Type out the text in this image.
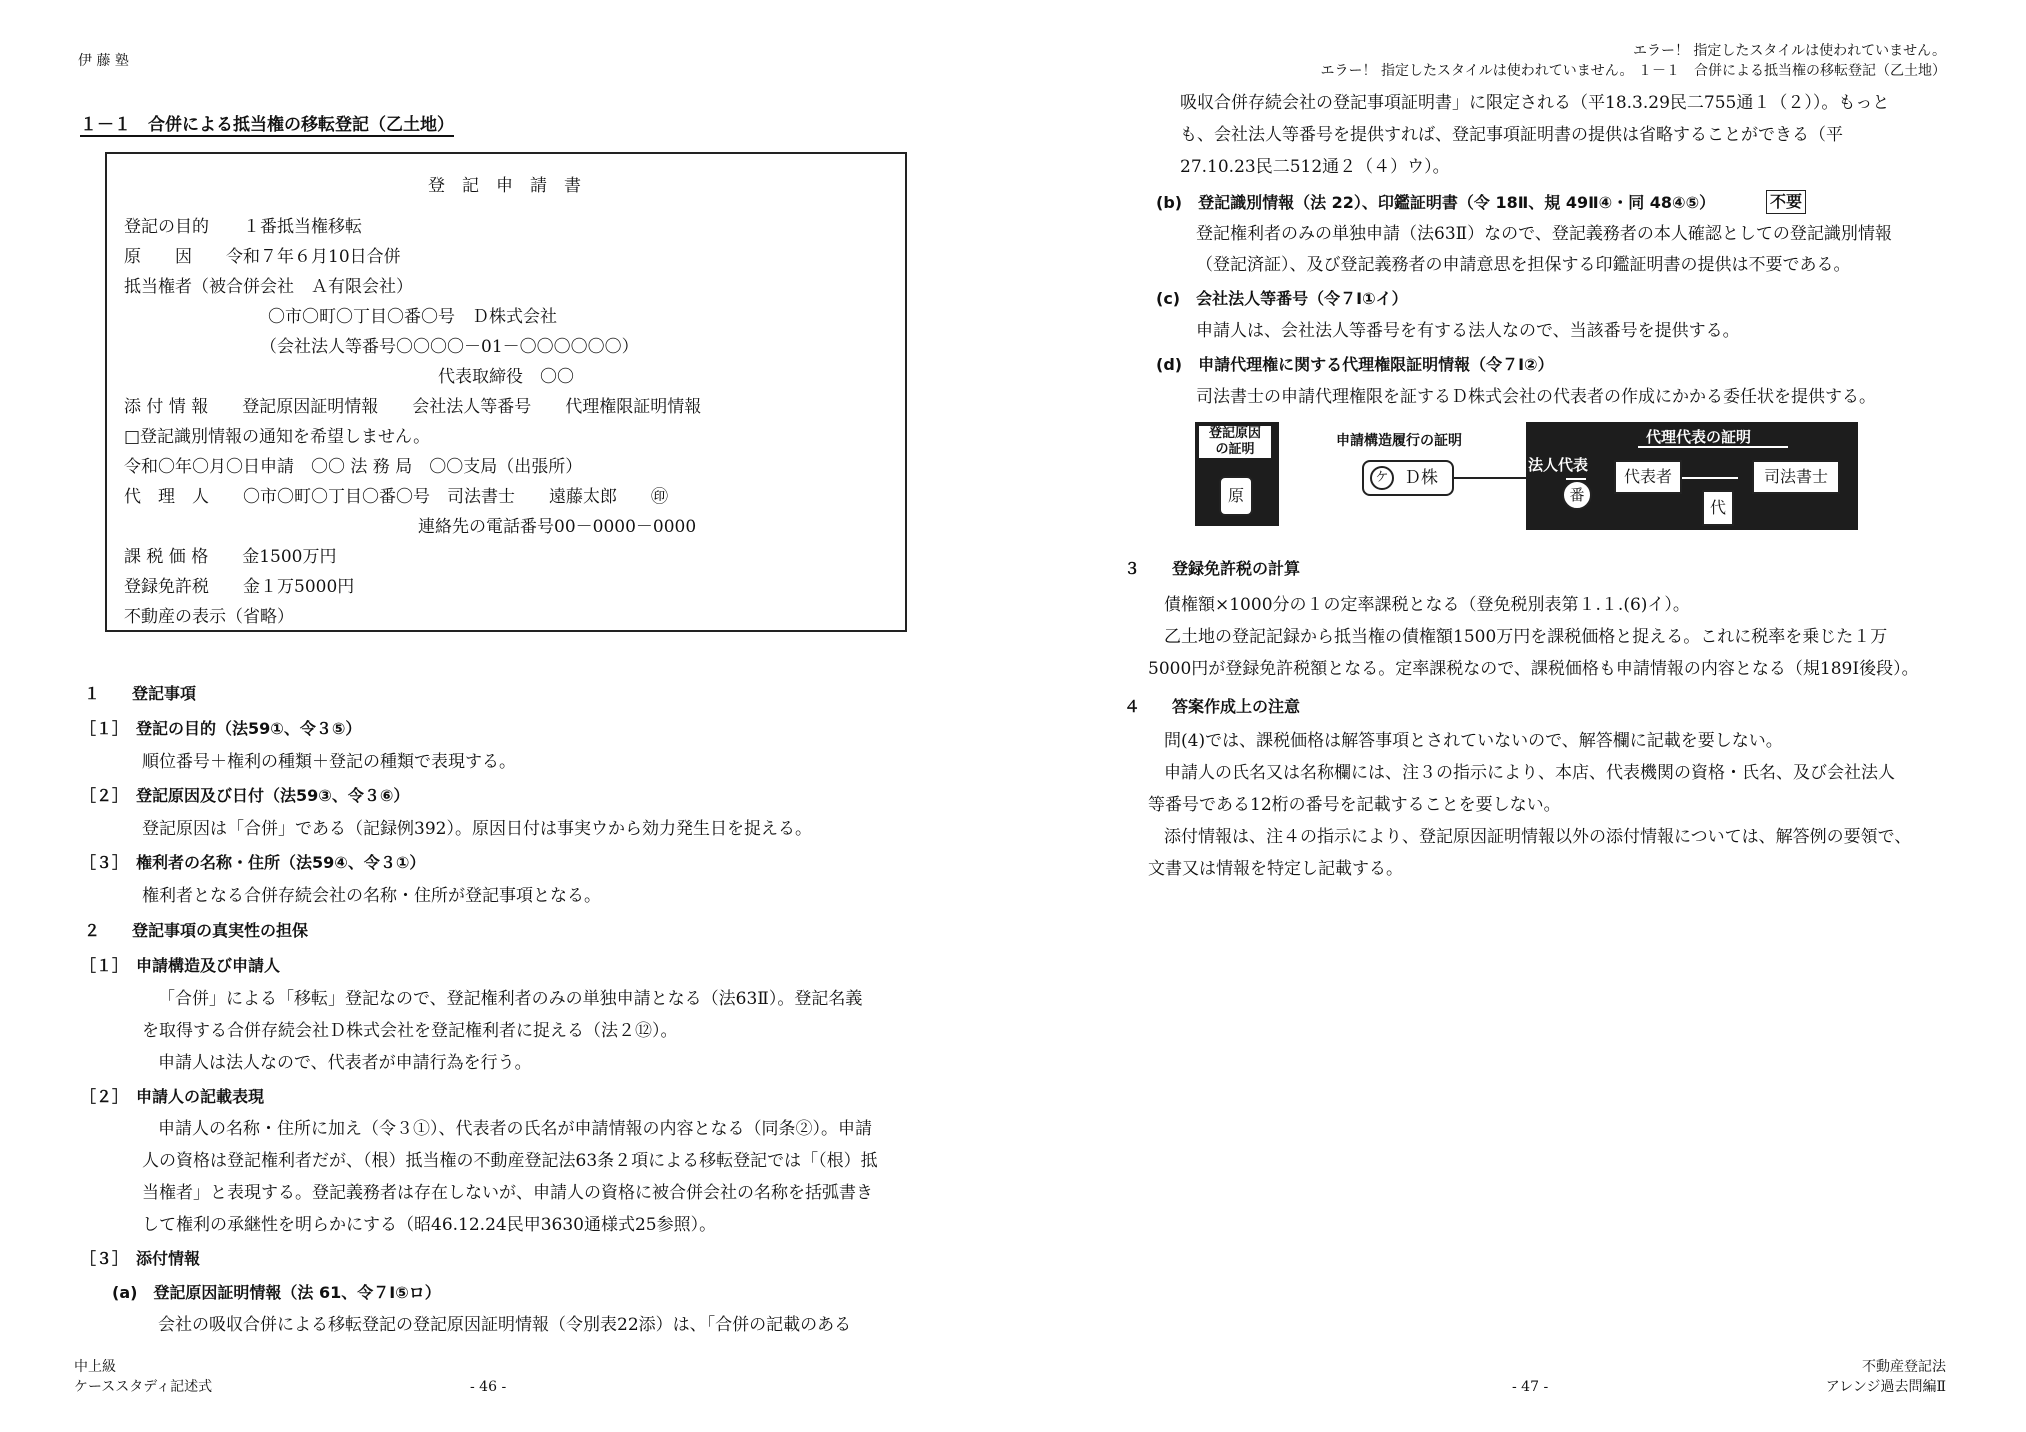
伊 藤 塾
１－１　合併による抵当権の移転登記（乙土地）
登　記　申　請　書
登記の目的　　１番抵当権移転
原　　因　　令和７年６月10日合併
抵当権者（被合併会社　Ａ有限会社）
〇市〇町〇丁目〇番〇号　Ｄ株式会社
（会社法人等番号〇〇〇〇－01－〇〇〇〇〇〇）
代表取締役　〇〇
添 付 情 報　　登記原因証明情報　　会社法人等番号　　代理権限証明情報
□登記識別情報の通知を希望しません。
令和〇年〇月〇日申請　〇〇 法 務 局　〇〇支局（出張所）
代　理　人　　〇市〇町〇丁目〇番〇号　司法書士　　遠藤太郎　　㊞
連絡先の電話番号00－0000－0000
課 税 価 格　　金1500万円
登録免許税　　金１万5000円
不動産の表示（省略）
１　　登記事項
［１］　登記の目的（法59①、令３⑤）
順位番号＋権利の種類＋登記の種類で表現する。
［２］　登記原因及び日付（法59③、令３⑥）
登記原因は「合併」である（記録例392）。原因日付は事実ウから効力発生日を捉える。
［３］　権利者の名称・住所（法59④、令３①）
権利者となる合併存続会社の名称・住所が登記事項となる。
２　　登記事項の真実性の担保
［１］　申請構造及び申請人
「合併」による「移転」登記なので、登記権利者のみの単独申請となる（法63Ⅱ）。登記名義
を取得する合併存続会社Ｄ株式会社を登記権利者に捉える（法２⑫）。
申請人は法人なので、代表者が申請行為を行う。
［２］　申請人の記載表現
申請人の名称・住所に加え（令３①）、代表者の氏名が申請情報の内容となる（同条②）。申請
人の資格は登記権利者だが、（根）抵当権の不動産登記法63条２項による移転登記では「（根）抵
当権者」と表現する。登記義務者は存在しないが、申請人の資格に被合併会社の名称を括弧書き
して権利の承継性を明らかにする（昭46.12.24民甲3630通様式25参照）。
［３］　添付情報
(a)　登記原因証明情報（法 61、令７Ⅰ⑤ロ）
会社の吸収合併による移転登記の登記原因証明情報（令別表22添）は、「合併の記載のある
中上級
ケーススタディ記述式	- 46 -
エラー！ 指定したスタイルは使われていません。
エラー！ 指定したスタイルは使われていません。 １－１　合併による抵当権の移転登記（乙土地）
吸収合併存続会社の登記事項証明書」に限定される（平18.3.29民二755通１（２））。もっと
も、会社法人等番号を提供すれば、登記事項証明書の提供は省略することができる（平
27.10.23民二512通２（４）ウ）。
(b)　登記識別情報（法 22）、印鑑証明書（令 18Ⅱ、規 49Ⅱ④・同 48④⑤）	不要
登記権利者のみの単独申請（法63Ⅱ）なので、登記義務者の本人確認としての登記識別情報
（登記済証）、及び登記義務者の申請意思を担保する印鑑証明書の提供は不要である。
(c)　会社法人等番号（令７Ⅰ①イ）
申請人は、会社法人等番号を有する法人なので、当該番号を提供する。
(d)　申請代理権に関する代理権限証明情報（令７Ⅰ②）
司法書士の申請代理権限を証するＤ株式会社の代表者の作成にかかる委任状を提供する。
登記原因
の証明
原
申請構造履行の証明
ケ Ｄ株
代理代表の証明
法人代表
番
代表者
代
司法書士
３　　登録免許税の計算
債権額×1000分の１の定率課税となる（登免税別表第１.１.(6)イ）。
乙土地の登記記録から抵当権の債権額1500万円を課税価格と捉える。これに税率を乗じた１万
5000円が登録免許税額となる。定率課税なので、課税価格も申請情報の内容となる（規189Ⅰ後段）。
４　　答案作成上の注意
問(4)では、課税価格は解答事項とされていないので、解答欄に記載を要しない。
申請人の氏名又は名称欄には、注３の指示により、本店、代表機関の資格・氏名、及び会社法人
等番号である12桁の番号を記載することを要しない。
添付情報は、注４の指示により、登記原因証明情報以外の添付情報については、解答例の要領で、
文書又は情報を特定し記載する。
- 47 -
不動産登記法
アレンジ過去問編Ⅱ
